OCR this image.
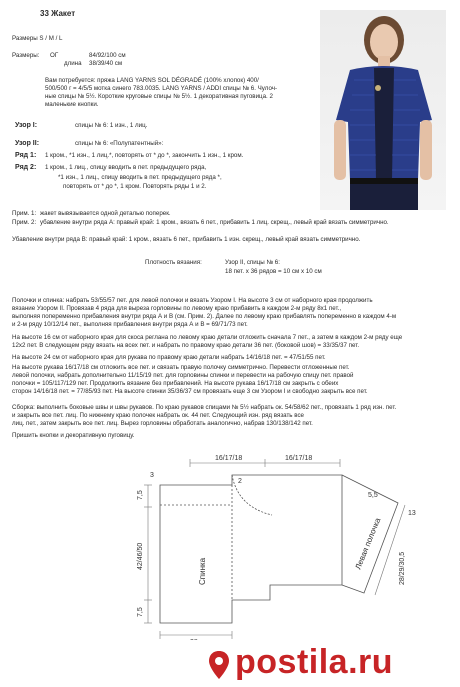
33 Жакет
Размеры S / M / L
Размеры: ОГ	84/92/100 см
длина 38/39/40 см
Вам потребуется: пряжа LANG YARNS SOL DÉGRADÉ (100% хлопок) 400/
500/500 г = 4/5/5 мотка синего 783.0035. LANG YARNS / ADDI спицы № 6. Чулоч-
ные спицы № 5½. Короткие круговые спицы № 5½. 1 декоративная пуговица. 2
маленькие кнопки.
Узор I:	спицы № 6: 1 изн., 1 лиц.
Узор II:	спицы № 6: «Полупатентный»:
Ряд 1: 1 кром., *1 изн., 1 лиц.*, повторять от * до *, закончить 1 изн., 1 кром.
Ряд 2: 1 кром., 1 лиц., спицу вводить в пет. предыдущего ряда,
*1 изн., 1 лиц., спицу вводить в пет. предыдущего ряда *,
повторять от * до *, 1 кром. Повторять ряды 1 и 2.
Прим. 1: жакет вывязывается одной деталью поперек.
Прим. 2: убавление внутри ряда А: правый край: 1 кром., вязать 6 пет., прибавить 1 лиц. скрещ., левый край вязать симметрично.
Убавление внутри ряда В: правый край: 1 кром., вязать 6 пет., прибавить 1 изн. скрещ., левый край вязать симметрично.
Плотность вязания:	Узор II, спицы № 6:
18 пет. x 36 рядов = 10 см x 10 см
Полочки и спинка: набрать 53/55/57 пет. для левой полочки и вязать Узором I. На высоте 3 см от наборного края продолжить
вязание Узором II. Провязав 4 ряда для выреза горловины по левому краю прибавить в каждом 2-м ряду 8x1 пет.,
выполняя попеременно прибавления внутри ряда А и В (см. Прим. 2). Далее по левому краю прибавлять попеременно в каждом 4-м
и 2-м ряду 10/12/14 пет., выполняя прибавления внутри ряда А и В = 69/71/73 пет.
На высоте 16 см от наборного края для скоса реглана по левому краю детали отложить сначала 7 пет., а затем в каждом 2-м ряду еще
12x2 пет. В следующем ряду вязать на всех пет. и набрать по правому краю детали 36 пет. (боковой шов) = 33/35/37 пет.
На высоте 24 см от наборного края для рукава по правому краю детали набрать 14/16/18 пет. = 47/51/55 пет.
На высоте рукава 16/17/18 см отложить все пет. и связать правую полочку симметрично. Перевести отложенные пет.
левой полочки, набрать дополнительно 11/15/19 пет. для горловины спинки и перевести на рабочую спицу пет. правой
полочки = 105/117/129 пет. Продолжить вязание без прибавлений. На высоте рукава 16/17/18 см закрыть с обеих
сторон 14/16/18 пет. = 77/85/93 пет. На высоте спинки 35/36/37 см провязать еще 3 см Узором I и свободно закрыть все пет.
Сборка: выполнить боковые швы и швы рукавов. По краю рукавов спицами № 5½ набрать ок. 54/58/62 пет., провязать 1 ряд изн. пет.
и закрыть все пет. лиц. По нижнему краю полочек набрать ок. 44 пет. Следующий изн. ряд вязать все
лиц. пет., затем закрыть все пет. лиц. Вырез горловины обработать аналогично, набрав 130/138/142 пет.
Пришить кнопки и декоративную пуговицу.
16/17/18	16/17/18
7,5
42/46/50
7,5
Спинка
Левая полочка 28/29/30,5
13
5,5
2
3
postila.ru
